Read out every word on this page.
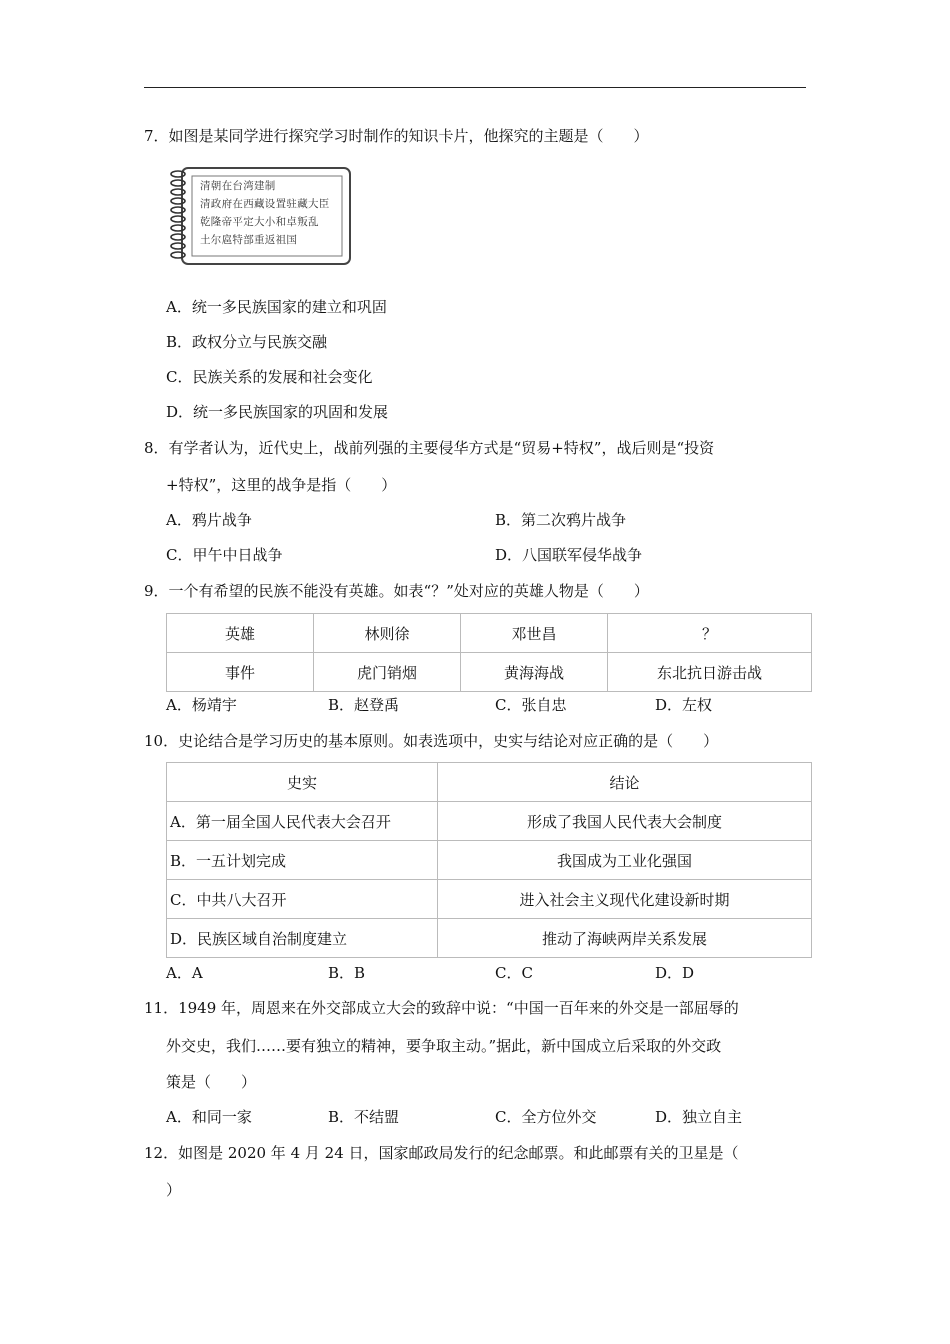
7．如图是某同学进行探究学习时制作的知识卡片，他探究的主题是（　　）
清朝在台湾建制
清政府在西藏设置驻藏大臣
乾隆帝平定大小和卓叛乱
土尔扈特部重返祖国
A．统一多民族国家的建立和巩固
B．政权分立与民族交融
C．民族关系的发展和社会变化
D．统一多民族国家的巩固和发展
8．有学者认为，近代史上，战前列强的主要侵华方式是“贸易+特权”，战后则是“投资
+特权”，这里的战争是指（　　）
A．鸦片战争	B．第二次鸦片战争
C．甲午中日战争	D．八国联军侵华战争
9．一个有希望的民族不能没有英雄。如表“？”处对应的英雄人物是（　　）
英雄	林则徐	邓世昌	？
事件	虎门销烟	黄海海战	东北抗日游击战
A．杨靖宇	B．赵登禹	C．张自忠	D．左权
10．史论结合是学习历史的基本原则。如表选项中，史实与结论对应正确的是（　　）
史实	结论
A．第一届全国人民代表大会召开	形成了我国人民代表大会制度
B．一五计划完成	我国成为工业化强国
C．中共八大召开	进入社会主义现代化建设新时期
D．民族区域自治制度建立	推动了海峡两岸关系发展
A．A	B．B	C．C	D．D
11．1949 年，周恩来在外交部成立大会的致辞中说：“中国一百年来的外交是一部屈辱的
外交史，我们……要有独立的精神，要争取主动。”据此，新中国成立后采取的外交政
策是（　　）
A．和同一家	B．不结盟	C．全方位外交	D．独立自主
12．如图是 2020 年 4 月 24 日，国家邮政局发行的纪念邮票。和此邮票有关的卫星是（
）
